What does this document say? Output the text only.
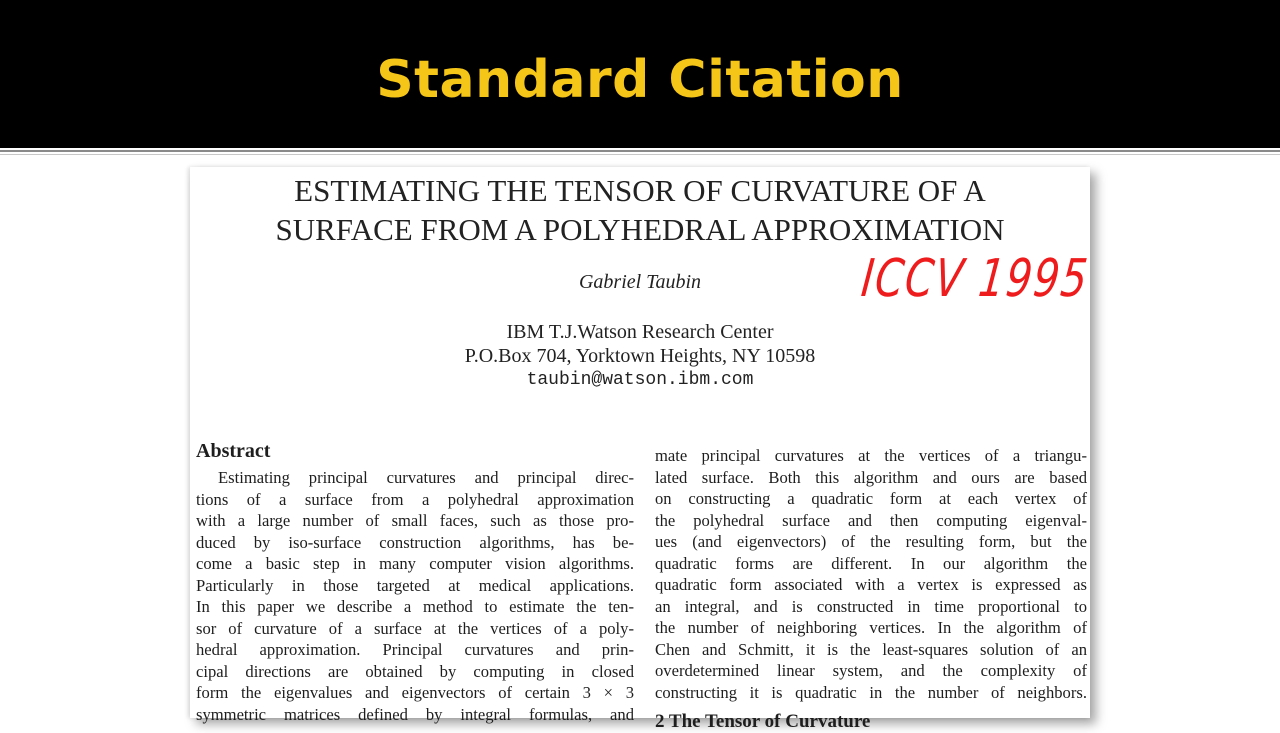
Standard Citation
ESTIMATING THE TENSOR OF CURVATURE OF A
SURFACE FROM A POLYHEDRAL APPROXIMATION
Gabriel Taubin
IBM T.J.Watson Research Center
P.O.Box 704, Yorktown Heights, NY 10598
taubin@watson.ibm.com
ICCV 1995
Abstract
Estimating principal curvatures and principal direc-
tions of a surface from a polyhedral approximation
with a large number of small faces, such as those pro-
duced by iso-surface construction algorithms, has be-
come a basic step in many computer vision algorithms.
Particularly in those targeted at medical applications.
In this paper we describe a method to estimate the ten-
sor of curvature of a surface at the vertices of a poly-
hedral approximation. Principal curvatures and prin-
cipal directions are obtained by computing in closed
form the eigenvalues and eigenvectors of certain 3 × 3
symmetric matrices defined by integral formulas, and
mate principal curvatures at the vertices of a triangu-
lated surface. Both this algorithm and ours are based
on constructing a quadratic form at each vertex of
the polyhedral surface and then computing eigenval-
ues (and eigenvectors) of the resulting form, but the
quadratic forms are different. In our algorithm the
quadratic form associated with a vertex is expressed as
an integral, and is constructed in time proportional to
the number of neighboring vertices. In the algorithm of
Chen and Schmitt, it is the least-squares solution of an
overdetermined linear system, and the complexity of
constructing it is quadratic in the number of neighbors.
2 The Tensor of Curvature
